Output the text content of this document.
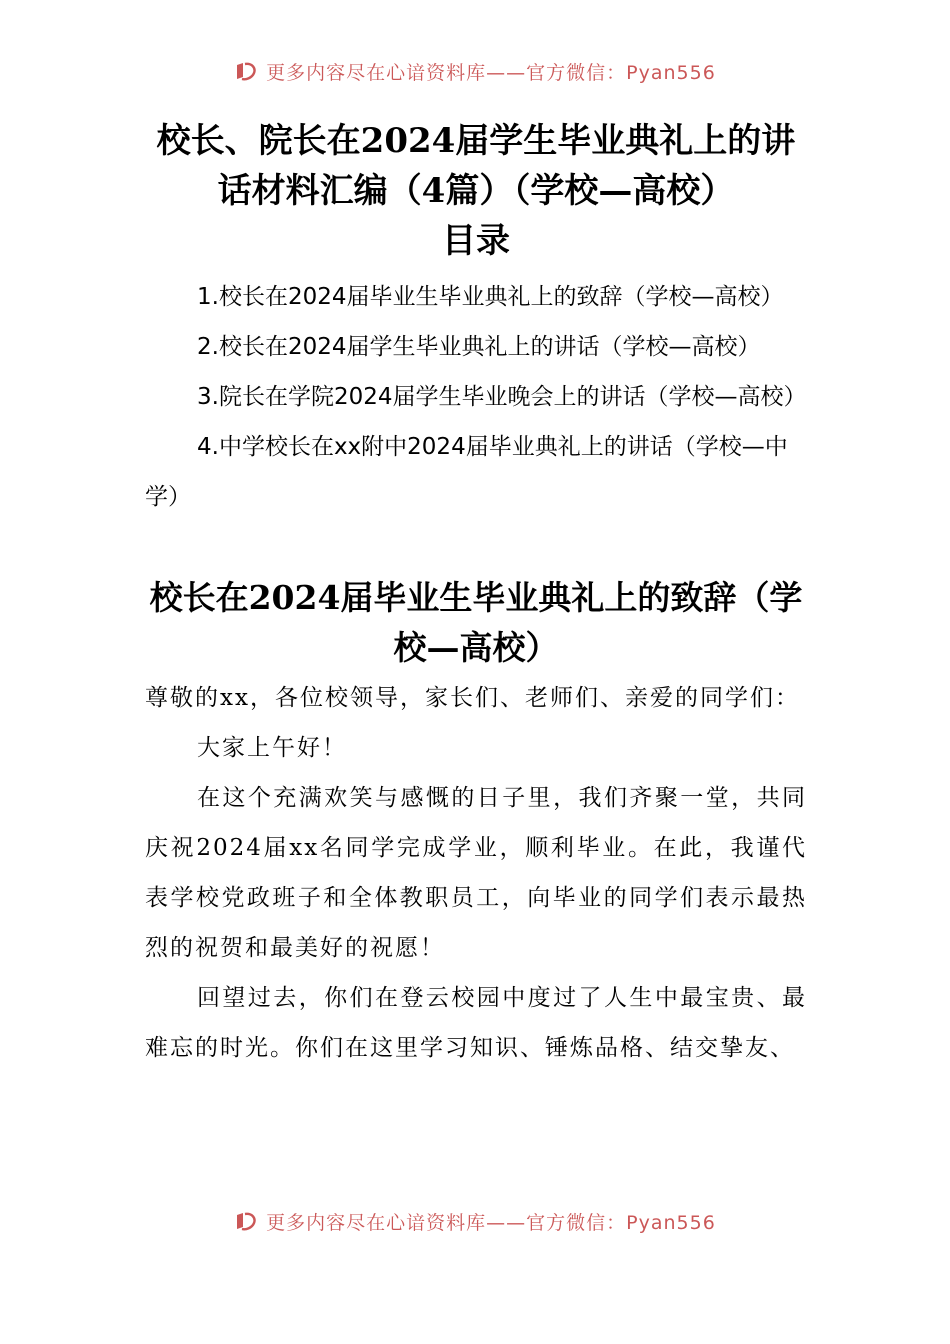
更多内容尽在心谙资料库——官方微信：Pyan556
校长、院长在2024届学生毕业典礼上的讲话材料汇编（4篇）（学校—高校）
目录
1.校长在2024届毕业生毕业典礼上的致辞（学校—高校）
2.校长在2024届学生毕业典礼上的讲话（学校—高校）
3.院长在学院2024届学生毕业晚会上的讲话（学校—高校）
4.中学校长在xx附中2024届毕业典礼上的讲话（学校—中学）
校长在2024届毕业生毕业典礼上的致辞（学校—高校）

尊敬的xx，各位校领导，家长们、老师们、亲爱的同学们：

大家上午好！

在这个充满欢笑与感慨的日子里，我们齐聚一堂，共同庆祝2024届xx名同学完成学业，顺利毕业。在此，我谨代表学校党政班子和全体教职员工，向毕业的同学们表示最热烈的祝贺和最美好的祝愿！

回望过去，你们在登云校园中度过了人生中最宝贵、最难忘的时光。你们在这里学习知识、锤炼品格、结交挚友、

更多内容尽在心谙资料库——官方微信：Pyan556
